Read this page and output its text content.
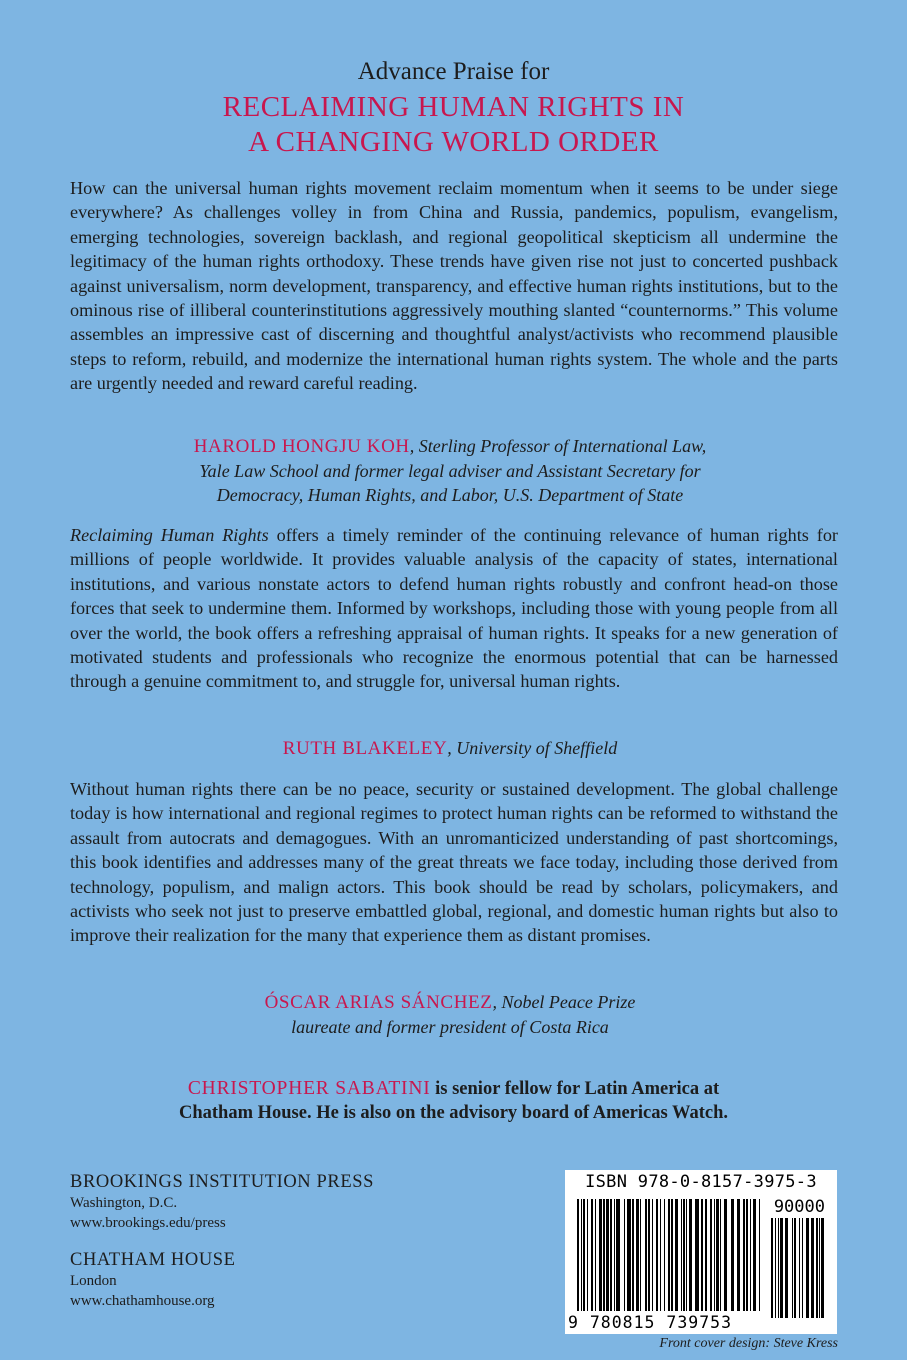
Advance Praise for
RECLAIMING HUMAN RIGHTS IN
A CHANGING WORLD ORDER
How can the universal human rights movement reclaim momentum when it seems to be under siege everywhere? As challenges volley in from China and Russia, pandemics, populism, evangelism, emerging technologies, sovereign backlash, and regional geopolitical skepticism all undermine the legitimacy of the human rights orthodoxy. These trends have given rise not just to concerted pushback against universalism, norm development, transparency, and effective human rights institutions, but to the ominous rise of illiberal counterinstitutions aggressively mouthing slanted “counternorms.” This volume assembles an impressive cast of discerning and thoughtful analyst/activists who recommend plausible steps to reform, rebuild, and modernize the international human rights system. The whole and the parts are urgently needed and reward careful reading.
HAROLD HONGJU KOH, Sterling Professor of International Law,
Yale Law School and former legal adviser and Assistant Secretary for
Democracy, Human Rights, and Labor, U.S. Department of State
Reclaiming Human Rights offers a timely reminder of the continuing relevance of human rights for millions of people worldwide. It provides valuable analysis of the capacity of states, international institutions, and various nonstate actors to defend human rights robustly and confront head-on those forces that seek to undermine them. Informed by workshops, including those with young people from all over the world, the book offers a refreshing appraisal of human rights. It speaks for a new generation of motivated students and professionals who recognize the enormous potential that can be harnessed through a genuine commitment to, and struggle for, universal human rights.
RUTH BLAKELEY, University of Sheffield
Without human rights there can be no peace, security or sustained development. The global challenge today is how international and regional regimes to protect human rights can be reformed to withstand the assault from autocrats and demagogues. With an unromanticized understanding of past shortcomings, this book identifies and addresses many of the great threats we face today, including those derived from technology, populism, and malign actors. This book should be read by scholars, policymakers, and activists who seek not just to preserve embattled global, regional, and domestic human rights but also to improve their realization for the many that experience them as distant promises.
ÓSCAR ARIAS SÁNCHEZ, Nobel Peace Prize
laureate and former president of Costa Rica
CHRISTOPHER SABATINI is senior fellow for Latin America at
Chatham House. He is also on the advisory board of Americas Watch.
BROOKINGS INSTITUTION PRESS
Washington, D.C.
www.brookings.edu/press
CHATHAM HOUSE
London
www.chathamhouse.org
ISBN 978-0-8157-3975-3
90000
9 780815 739753
Front cover design: Steve Kress
